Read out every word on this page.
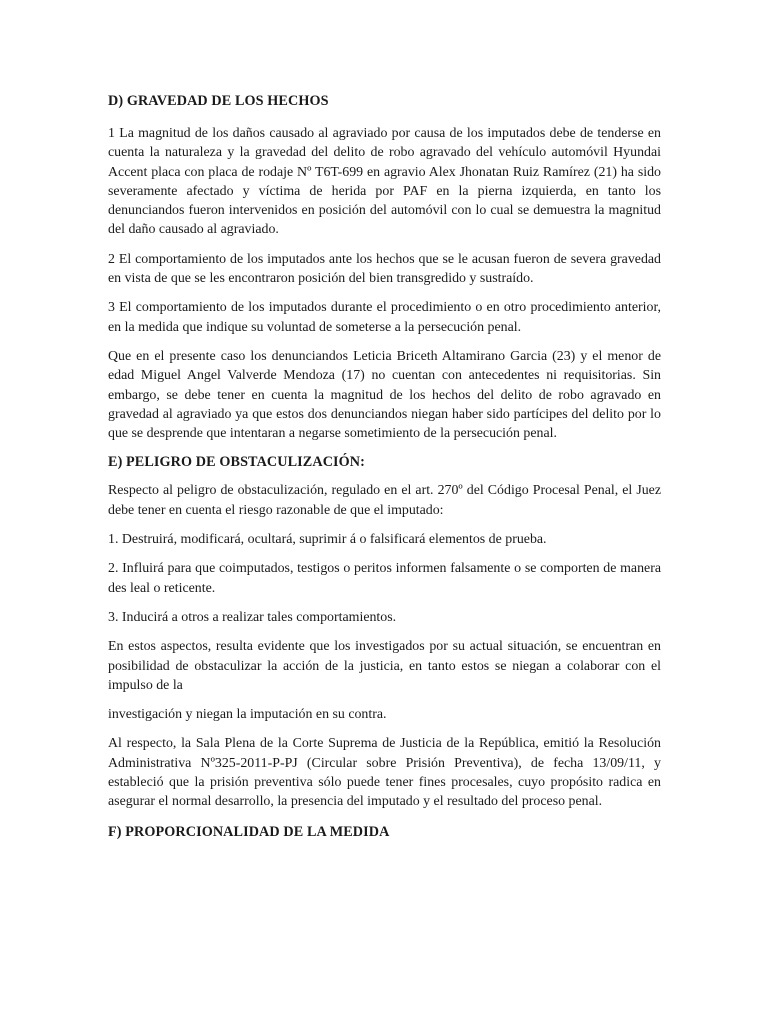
D) GRAVEDAD DE LOS HECHOS

1 La magnitud de los daños causado al agraviado por causa de los imputados debe de tenderse en cuenta la naturaleza y la gravedad del delito de robo agravado del vehículo automóvil Hyundai Accent placa con placa de rodaje Nº T6T-699 en agravio Alex Jhonatan Ruiz Ramírez (21) ha sido severamente afectado y víctima de herida por PAF en la pierna izquierda, en tanto los denunciandos fueron intervenidos en posición del automóvil con lo cual se demuestra la magnitud del daño causado al agraviado.

2 El comportamiento de los imputados ante los hechos que se le acusan fueron de severa gravedad en vista de que se les encontraron posición del bien transgredido y sustraído.

3 El comportamiento de los imputados durante el procedimiento o en otro procedimiento anterior, en la medida que indique su voluntad de someterse a la persecución penal.

Que en el presente caso los denunciandos Leticia Briceth Altamirano Garcia (23) y el menor de edad Miguel Angel Valverde Mendoza (17) no cuentan con antecedentes ni requisitorias. Sin embargo, se debe tener en cuenta la magnitud de los hechos del delito de robo agravado en gravedad al agraviado ya que estos dos denunciandos niegan haber sido partícipes del delito por lo que se desprende que intentaran a negarse sometimiento de la persecución penal.

E) PELIGRO DE OBSTACULIZACIÓN:

Respecto al peligro de obstaculización, regulado en el art. 270º del Código Procesal Penal, el Juez debe tener en cuenta el riesgo razonable de que el imputado:

1. Destruirá, modificará, ocultará, suprimir á o falsificará elementos de prueba.

2. Influirá para que coimputados, testigos o peritos informen falsamente o se comporten de manera des leal o reticente.

3. Inducirá a otros a realizar tales comportamientos.

En estos aspectos, resulta evidente que los investigados por su actual situación, se encuentran en posibilidad de obstaculizar la acción de la justicia, en tanto estos se niegan a colaborar con el impulso de la

investigación y niegan la imputación en su contra.

Al respecto, la Sala Plena de la Corte Suprema de Justicia de la República, emitió la Resolución Administrativa Nº325-2011-P-PJ (Circular sobre Prisión Preventiva), de fecha 13/09/11, y estableció que la prisión preventiva sólo puede tener fines procesales, cuyo propósito radica en asegurar el normal desarrollo, la presencia del imputado y el resultado del proceso penal.

F) PROPORCIONALIDAD DE LA MEDIDA
